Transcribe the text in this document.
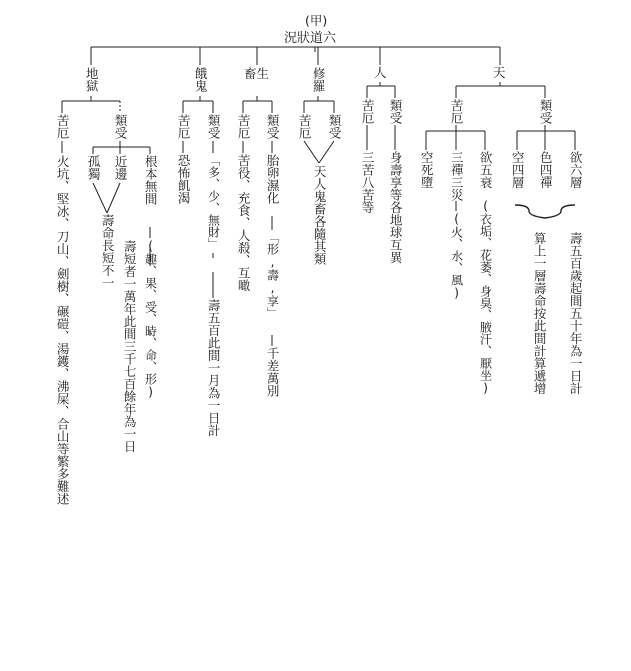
(甲)
況狀道六
地獄	餓鬼	畜生	修羅	人	天
苦厄
火坑、堅冰、刀山、劍樹、碾磑、湯鑊、沸屎、合山等繁多難述
類受
孤獨 近邊 根本無間
(趣、果、受、時、命、形)
壽短者一萬年此間三千七百餘年為一日
壽命長短不一
苦厄
恐怖飢渴
類受
「多、少、無財」
壽五百此間一月為一日計
苦厄
苦役、充食、人殺、互噉
類受
胎卵濕化
「形,壽,享」
千差萬別
苦厄 類受
天人鬼畜各隨其類
苦厄
三苦八苦等
類受
身壽享等各地球互異
苦厄
空死墮 三禪三災
(火、水、風)
欲五衰
(衣垢、花萎、身臭、腋汗、厭坐)
類受
空四層 色四禪 欲六層
算上一層壽命按此間計算遞增 壽五百歲起間五十年為一日計
